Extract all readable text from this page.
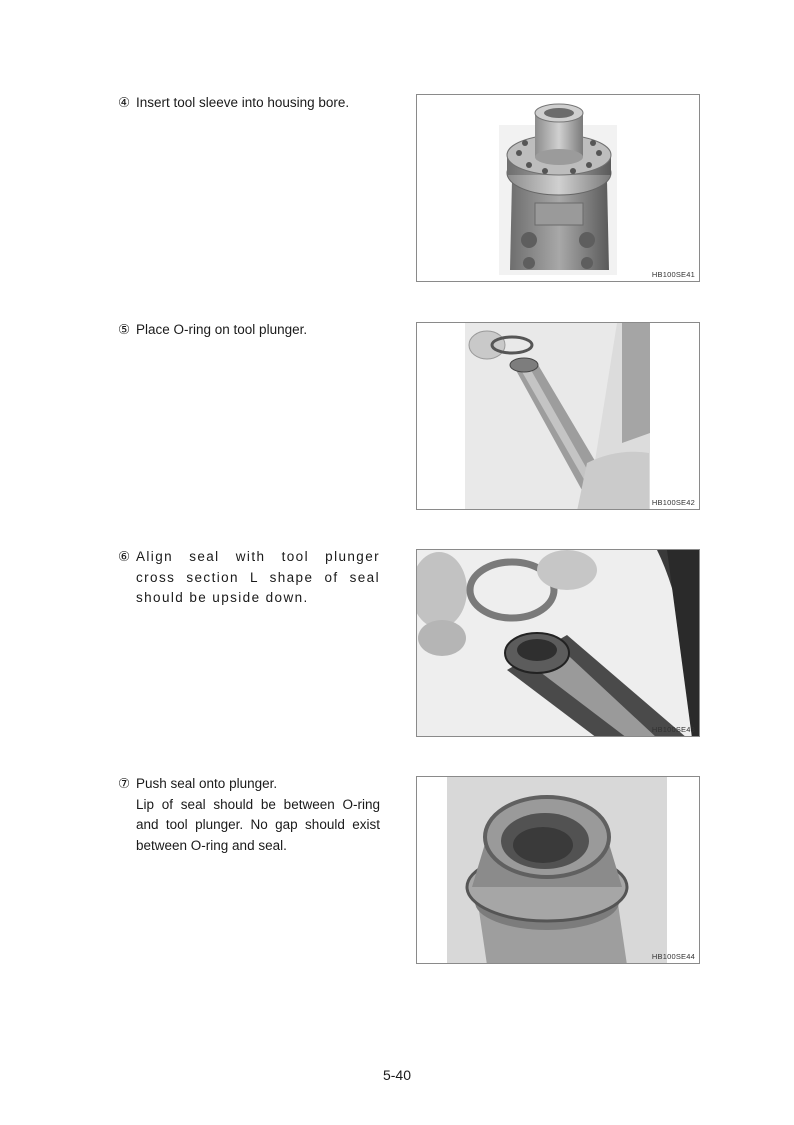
④ Insert tool sleeve into housing bore.
HB100SE41
⑤ Place O-ring on tool plunger.
HB100SE42
⑥ Align seal with tool plunger cross section L shape of seal should be upside down.
HB100SE43
⑦ Push seal onto plunger.
Lip of seal should be between O-ring and tool plunger. No gap should exist between O-ring and seal.
HB100SE44
5-40
